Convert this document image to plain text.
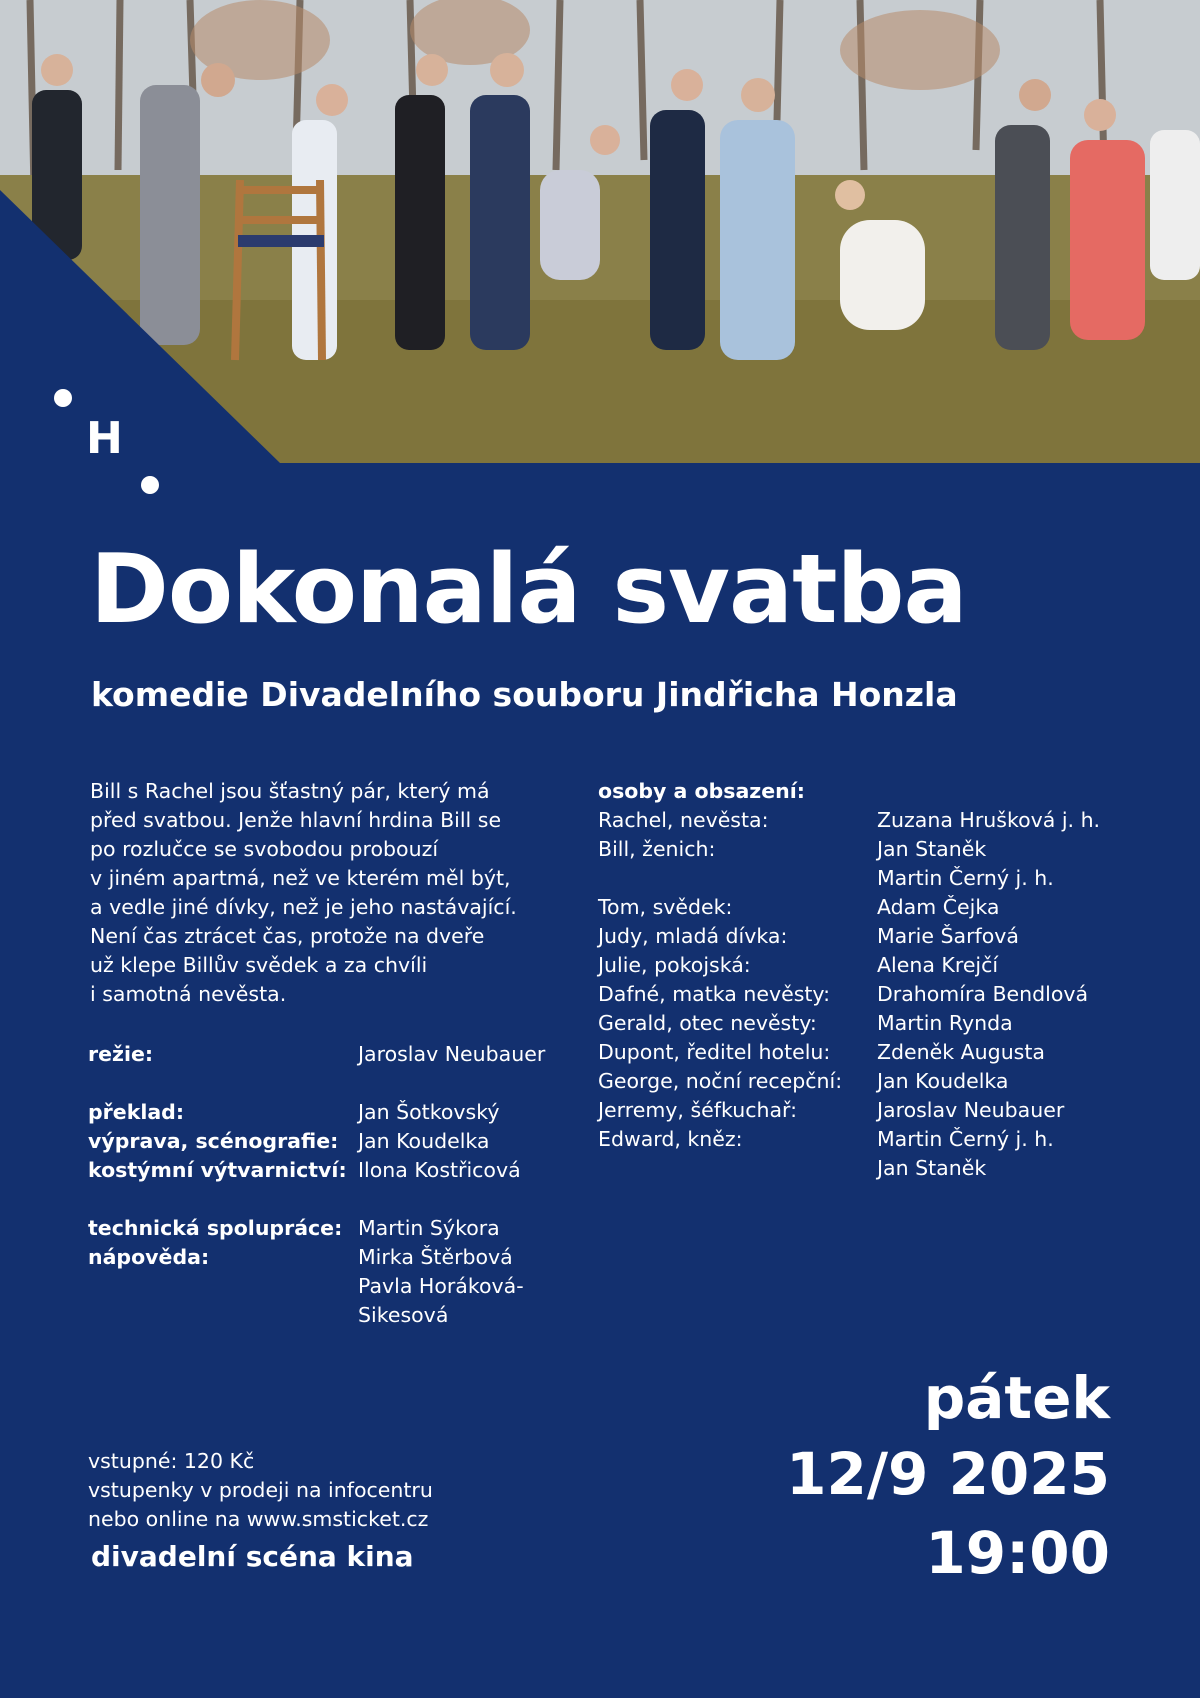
H
Dokonalá svatba
komedie Divadelního souboru Jindřicha Honzla
Bill s Rachel jsou šťastný pár, který má
před svatbou. Jenže hlavní hrdina Bill se
po rozlučce se svobodou probouzí
v jiném apartmá, než ve kterém měl být,
a vedle jiné dívky, než je jeho nastávající.
Není čas ztrácet čas, protože na dveře
už klepe Billův svědek a za chvíli
i samotná nevěsta.
režie:	Jaroslav Neubauer
překlad:	Jan Šotkovský
výprava, scénografie: Jan Koudelka
kostýmní výtvarnictví: Ilona Kostřicová
technická spolupráce: Martin Sýkora
nápověda:	Mirka Štěrbová
Pavla Horáková-
Sikesová
osoby a obsazení:
Rachel, nevěsta:	Zuzana Hrušková j. h.
Bill, ženich:	Jan Staněk
Martin Černý j. h.
Tom, svědek:	Adam Čejka
Judy, mladá dívka:	Marie Šarfová
Julie, pokojská:	Alena Krejčí
Dafné, matka nevěsty:	Drahomíra Bendlová
Gerald, otec nevěsty:	Martin Rynda
Dupont, ředitel hotelu:	Zdeněk Augusta
George, noční recepční:	Jan Koudelka
Jerremy, šéfkuchař:	Jaroslav Neubauer
Edward, kněz:	Martin Černý j. h.
Jan Staněk
vstupné: 120 Kč
vstupenky v prodeji na infocentru
nebo online na www.smsticket.cz
divadelní scéna kina
pátek
12/9 2025
19:00
